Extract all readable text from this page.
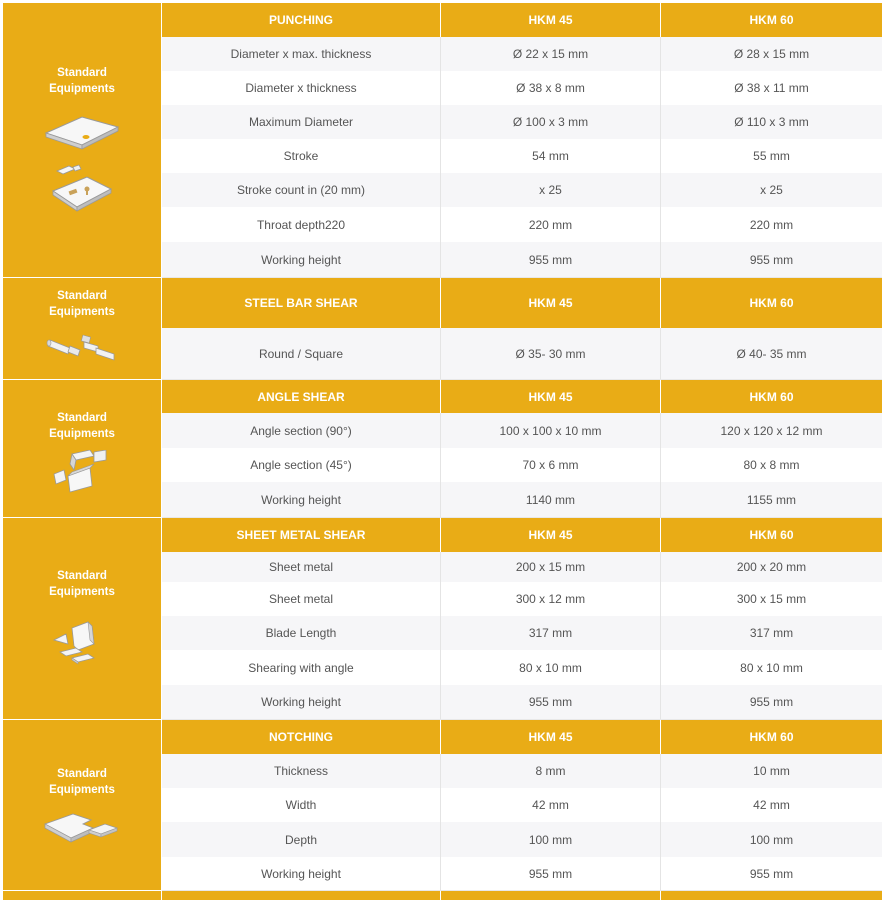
Standard
Equipments
PUNCHING	HKM 45	HKM 60
Diameter x max. thickness	Ø 22 x 15 mm	Ø 28 x 15 mm
Diameter x thickness	Ø 38 x 8 mm	Ø 38 x 11 mm
Maximum Diameter	Ø 100 x 3 mm	Ø 110 x 3 mm
Stroke	54 mm	55 mm
Stroke count in (20 mm)	x 25	x 25
Throat depth220	220 mm	220 mm
Working height	955 mm	955 mm
Standard
Equipments
STEEL BAR SHEAR	HKM 45	HKM 60
Round / Square	Ø 35- 30 mm	Ø 40- 35 mm
Standard
Equipments
ANGLE SHEAR	HKM 45	HKM 60
Angle section (90°)	100 x 100 x 10 mm	120 x 120 x 12 mm
Angle section (45°)	70 x 6 mm	80 x 8 mm
Working height	1140 mm	1155 mm
Standard
Equipments
SHEET METAL SHEAR	HKM 45	HKM 60
Sheet metal	200 x 15 mm	200 x 20 mm
Sheet metal	300 x 12 mm	300 x 15 mm
Blade Length	317 mm	317 mm
Shearing with angle	80 x 10 mm	80 x 10 mm
Working height	955 mm	955 mm
Standard
Equipments
NOTCHING	HKM 45	HKM 60
Thickness	8 mm	10 mm
Width	42 mm	42 mm
Depth	100 mm	100 mm
Working height	955 mm	955 mm
